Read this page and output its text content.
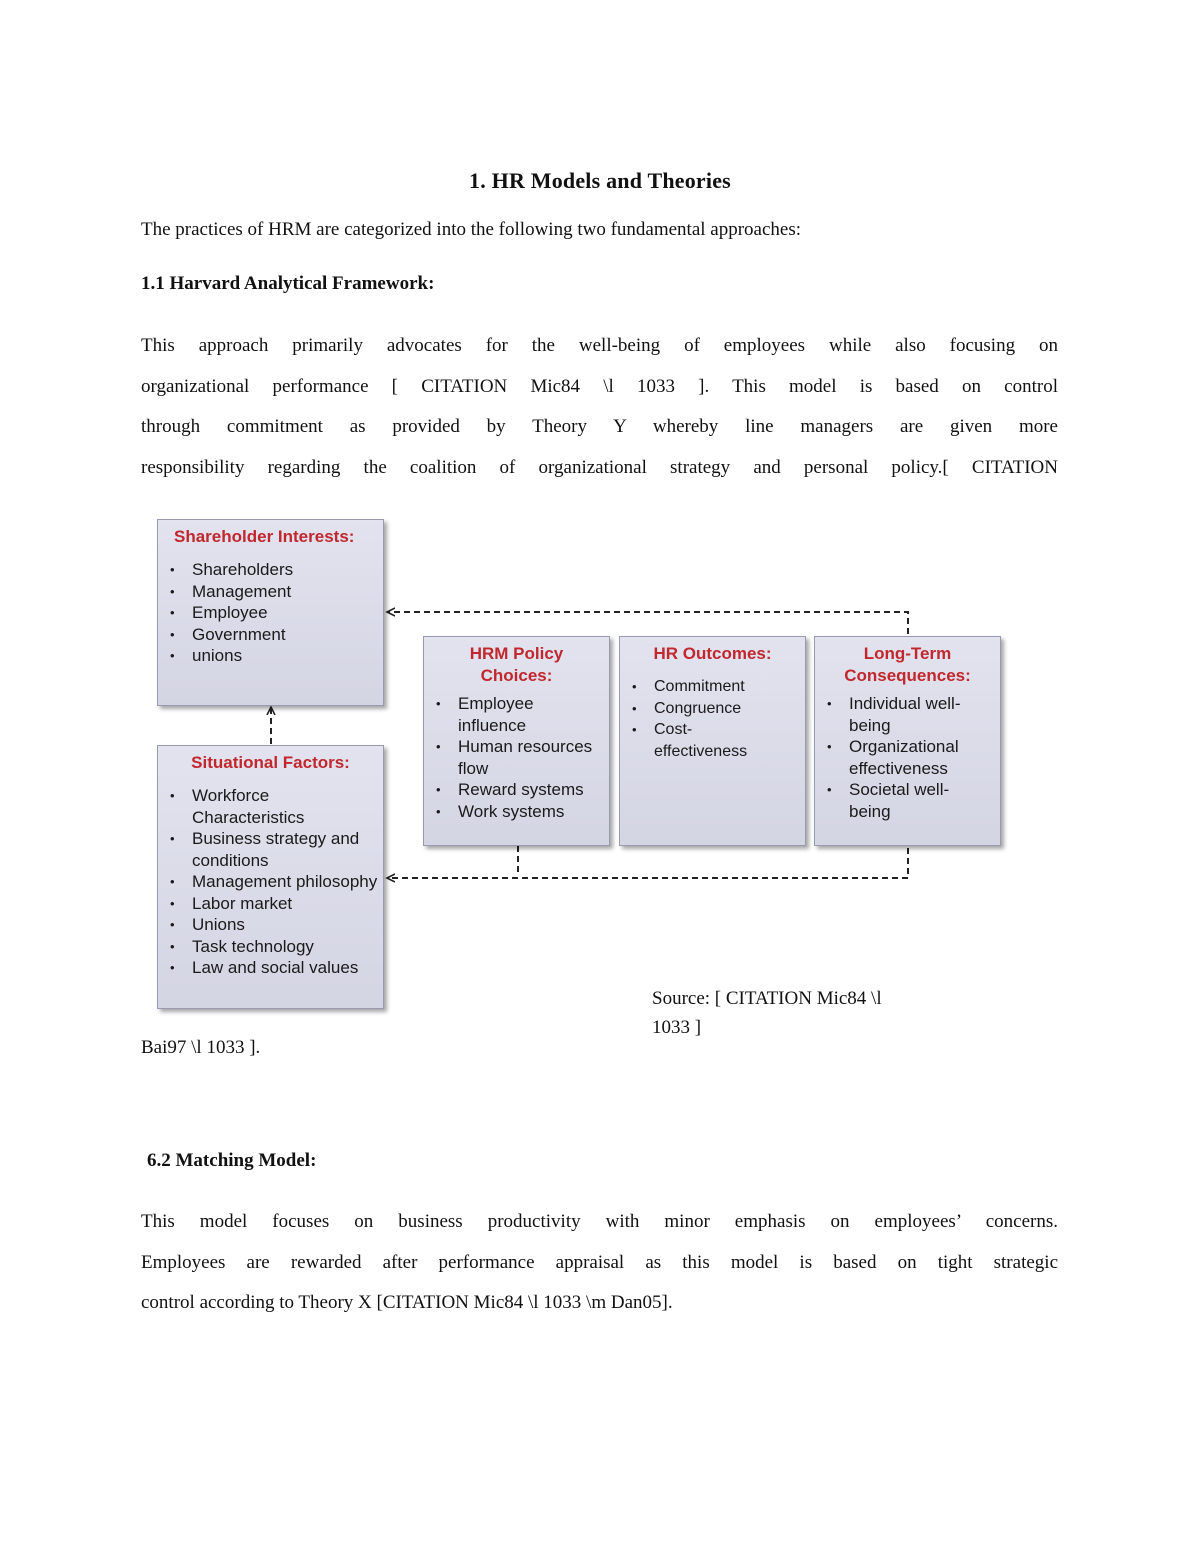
1. HR Models and Theories
The practices of HRM are categorized into the following two fundamental approaches:
1.1 Harvard Analytical Framework:
This approach primarily advocates for the well-being of employees while also focusing on
organizational performance [ CITATION Mic84 \l 1033 ]. This model is based on control
through commitment as provided by Theory Y whereby line managers are given more
responsibility regarding the coalition of organizational strategy and personal policy.[ CITATION
Shareholder Interests:
• Shareholders
• Management
• Employee
• Government
• unions
Situational Factors:
• Workforce Characteristics
• Business strategy and conditions
• Management philosophy
• Labor market
• Unions
• Task technology
• Law and social values
HRM Policy Choices:
• Employee influence
• Human resources flow
• Reward systems
• Work systems
HR Outcomes:
• Commitment
• Congruence
• Cost-effectiveness
Long-Term Consequences:
• Individual well-being
• Organizational effectiveness
• Societal well-being
Source: [ CITATION Mic84 \l
1033 ]
Bai97 \l 1033 ].
6.2 Matching Model:
This model focuses on business productivity with minor emphasis on employees’ concerns.
Employees are rewarded after performance appraisal as this model is based on tight strategic
control according to Theory X [CITATION Mic84 \l 1033 \m Dan05].
